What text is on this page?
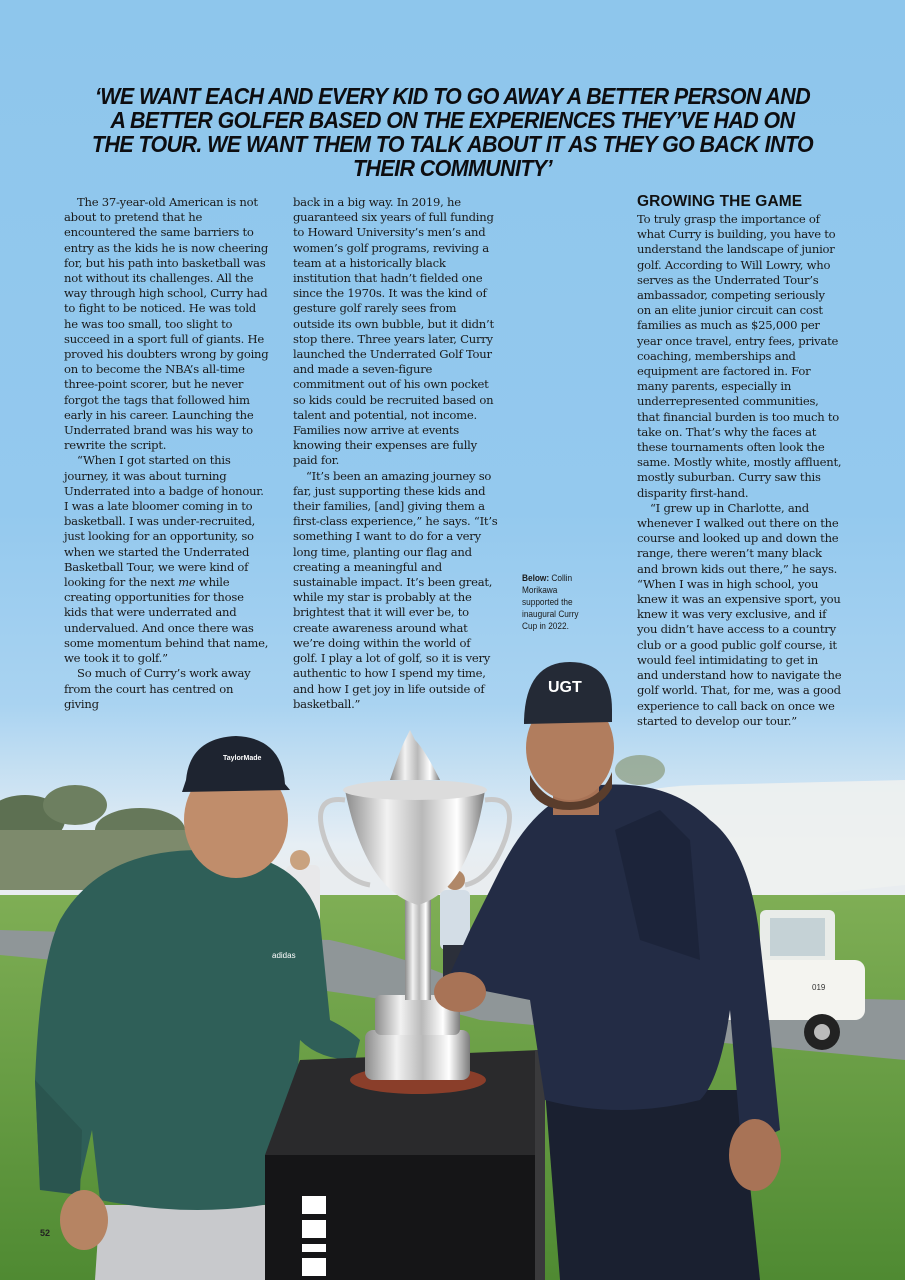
‘WE WANT EACH AND EVERY KID TO GO AWAY A BETTER PERSON AND A BETTER GOLFER BASED ON THE EXPERIENCES THEY’VE HAD ON THE TOUR. WE WANT THEM TO TALK ABOUT IT AS THEY GO BACK INTO THEIR COMMUNITY’

The 37-year-old American is not about to pretend that he encountered the same barriers to entry as the kids he is now cheering for, but his path into basketball was not without its challenges. All the way through high school, Curry had to fight to be noticed. He was told he was too small, too slight to succeed in a sport full of giants. He proved his doubters wrong by going on to become the NBA’s all-time three-point scorer, but he never forgot the tags that followed him early in his career. Launching the Underrated brand was his way to rewrite the script.

“When I got started on this journey, it was about turning Underrated into a badge of honour. I was a late bloomer coming in to basketball. I was under-recruited, just looking for an opportunity, so when we started the Underrated Basketball Tour, we were kind of looking for the next me while creating opportunities for those kids that were underrated and undervalued. And once there was some momentum behind that name, we took it to golf.”

So much of Curry’s work away from the court has centred on giving

back in a big way. In 2019, he guaranteed six years of full funding to Howard University’s men’s and women’s golf programs, reviving a team at a historically black institution that hadn’t fielded one since the 1970s. It was the kind of gesture golf rarely sees from outside its own bubble, but it didn’t stop there. Three years later, Curry launched the Underrated Golf Tour and made a seven-figure commitment out of his own pocket so kids could be recruited based on talent and potential, not income. Families now arrive at events knowing their expenses are fully paid for.

“It’s been an amazing journey so far, just supporting these kids and their families, [and] giving them a first-class experience,” he says. “It’s something I want to do for a very long time, planting our flag and creating a meaningful and sustainable impact. It’s been great, while my star is probably at the brightest that it will ever be, to create awareness around what we’re doing within the world of golf. I play a lot of golf, so it is very authentic to how I spend my time, and how I get joy in life outside of basketball.”

Below: Collin Morikawa supported the inaugural Curry Cup in 2022.
GROWING THE GAME

To truly grasp the importance of what Curry is building, you have to understand the landscape of junior golf. According to Will Lowry, who serves as the Underrated Tour’s ambassador, competing seriously on an elite junior circuit can cost families as much as $25,000 per year once travel, entry fees, private coaching, memberships and equipment are factored in. For many parents, especially in underrepresented communities, that financial burden is too much to take on. That’s why the faces at these tournaments often look the same. Mostly white, mostly affluent, mostly suburban. Curry saw this disparity first-hand.

“I grew up in Charlotte, and whenever I walked out there on the course and looked up and down the range, there weren’t many black and brown kids out there,” he says. “When I was in high school, you knew it was an expensive sport, you knew it was very exclusive, and if you didn’t have access to a country club or a good public golf course, it would feel intimidating to get in and understand how to navigate the golf world. That, for me, was a good experience to call back on once we started to develop our tour.”

019
TaylorMade
adidas
UGT
52
